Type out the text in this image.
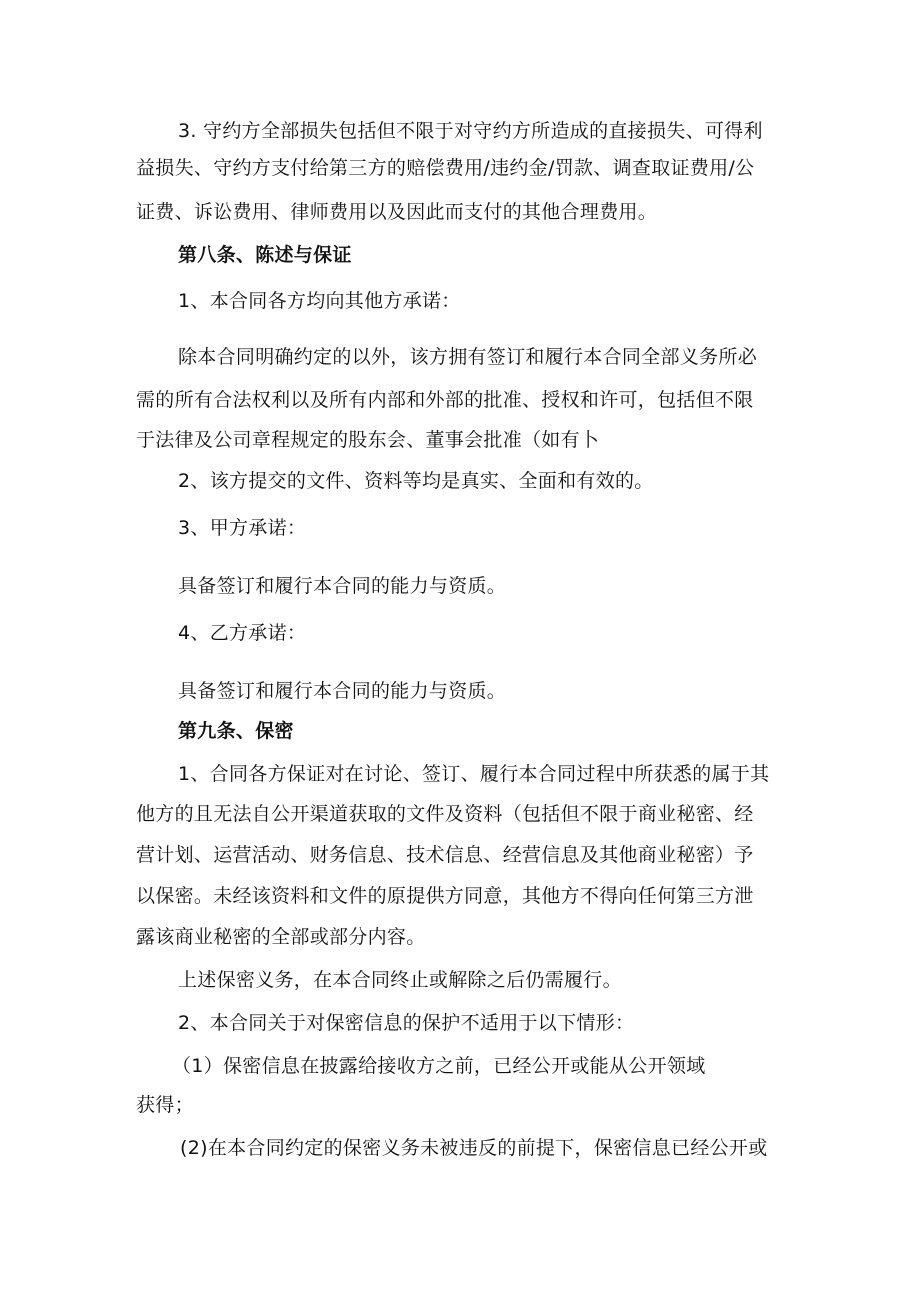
3. 守约方全部损失包括但不限于对守约方所造成的直接损失、可得利
益损失、守约方支付给第三方的赔偿费用/违约金/罚款、调查取证费用/公
证费、诉讼费用、律师费用以及因此而支付的其他合理费用。
第八条、陈述与保证
1、本合同各方均向其他方承诺：
除本合同明确约定的以外，该方拥有签订和履行本合同全部义务所必
需的所有合法权利以及所有内部和外部的批准、授权和许可，包括但不限
于法律及公司章程规定的股东会、董事会批准（如有卜
2、该方提交的文件、资料等均是真实、全面和有效的。
3、甲方承诺：
具备签订和履行本合同的能力与资质。
4、乙方承诺：
具备签订和履行本合同的能力与资质。
第九条、保密
1、合同各方保证对在讨论、签订、履行本合同过程中所获悉的属于其
他方的且无法自公开渠道获取的文件及资料（包括但不限于商业秘密、经
营计划、运营活动、财务信息、技术信息、经营信息及其他商业秘密）予
以保密。未经该资料和文件的原提供方同意，其他方不得向任何第三方泄
露该商业秘密的全部或部分内容。
上述保密义务，在本合同终止或解除之后仍需履行。
2、本合同关于对保密信息的保护不适用于以下情形：
（1）保密信息在披露给接收方之前，已经公开或能从公开领域
获得；
(2)在本合同约定的保密义务未被违反的前提下，保密信息已经公开或
